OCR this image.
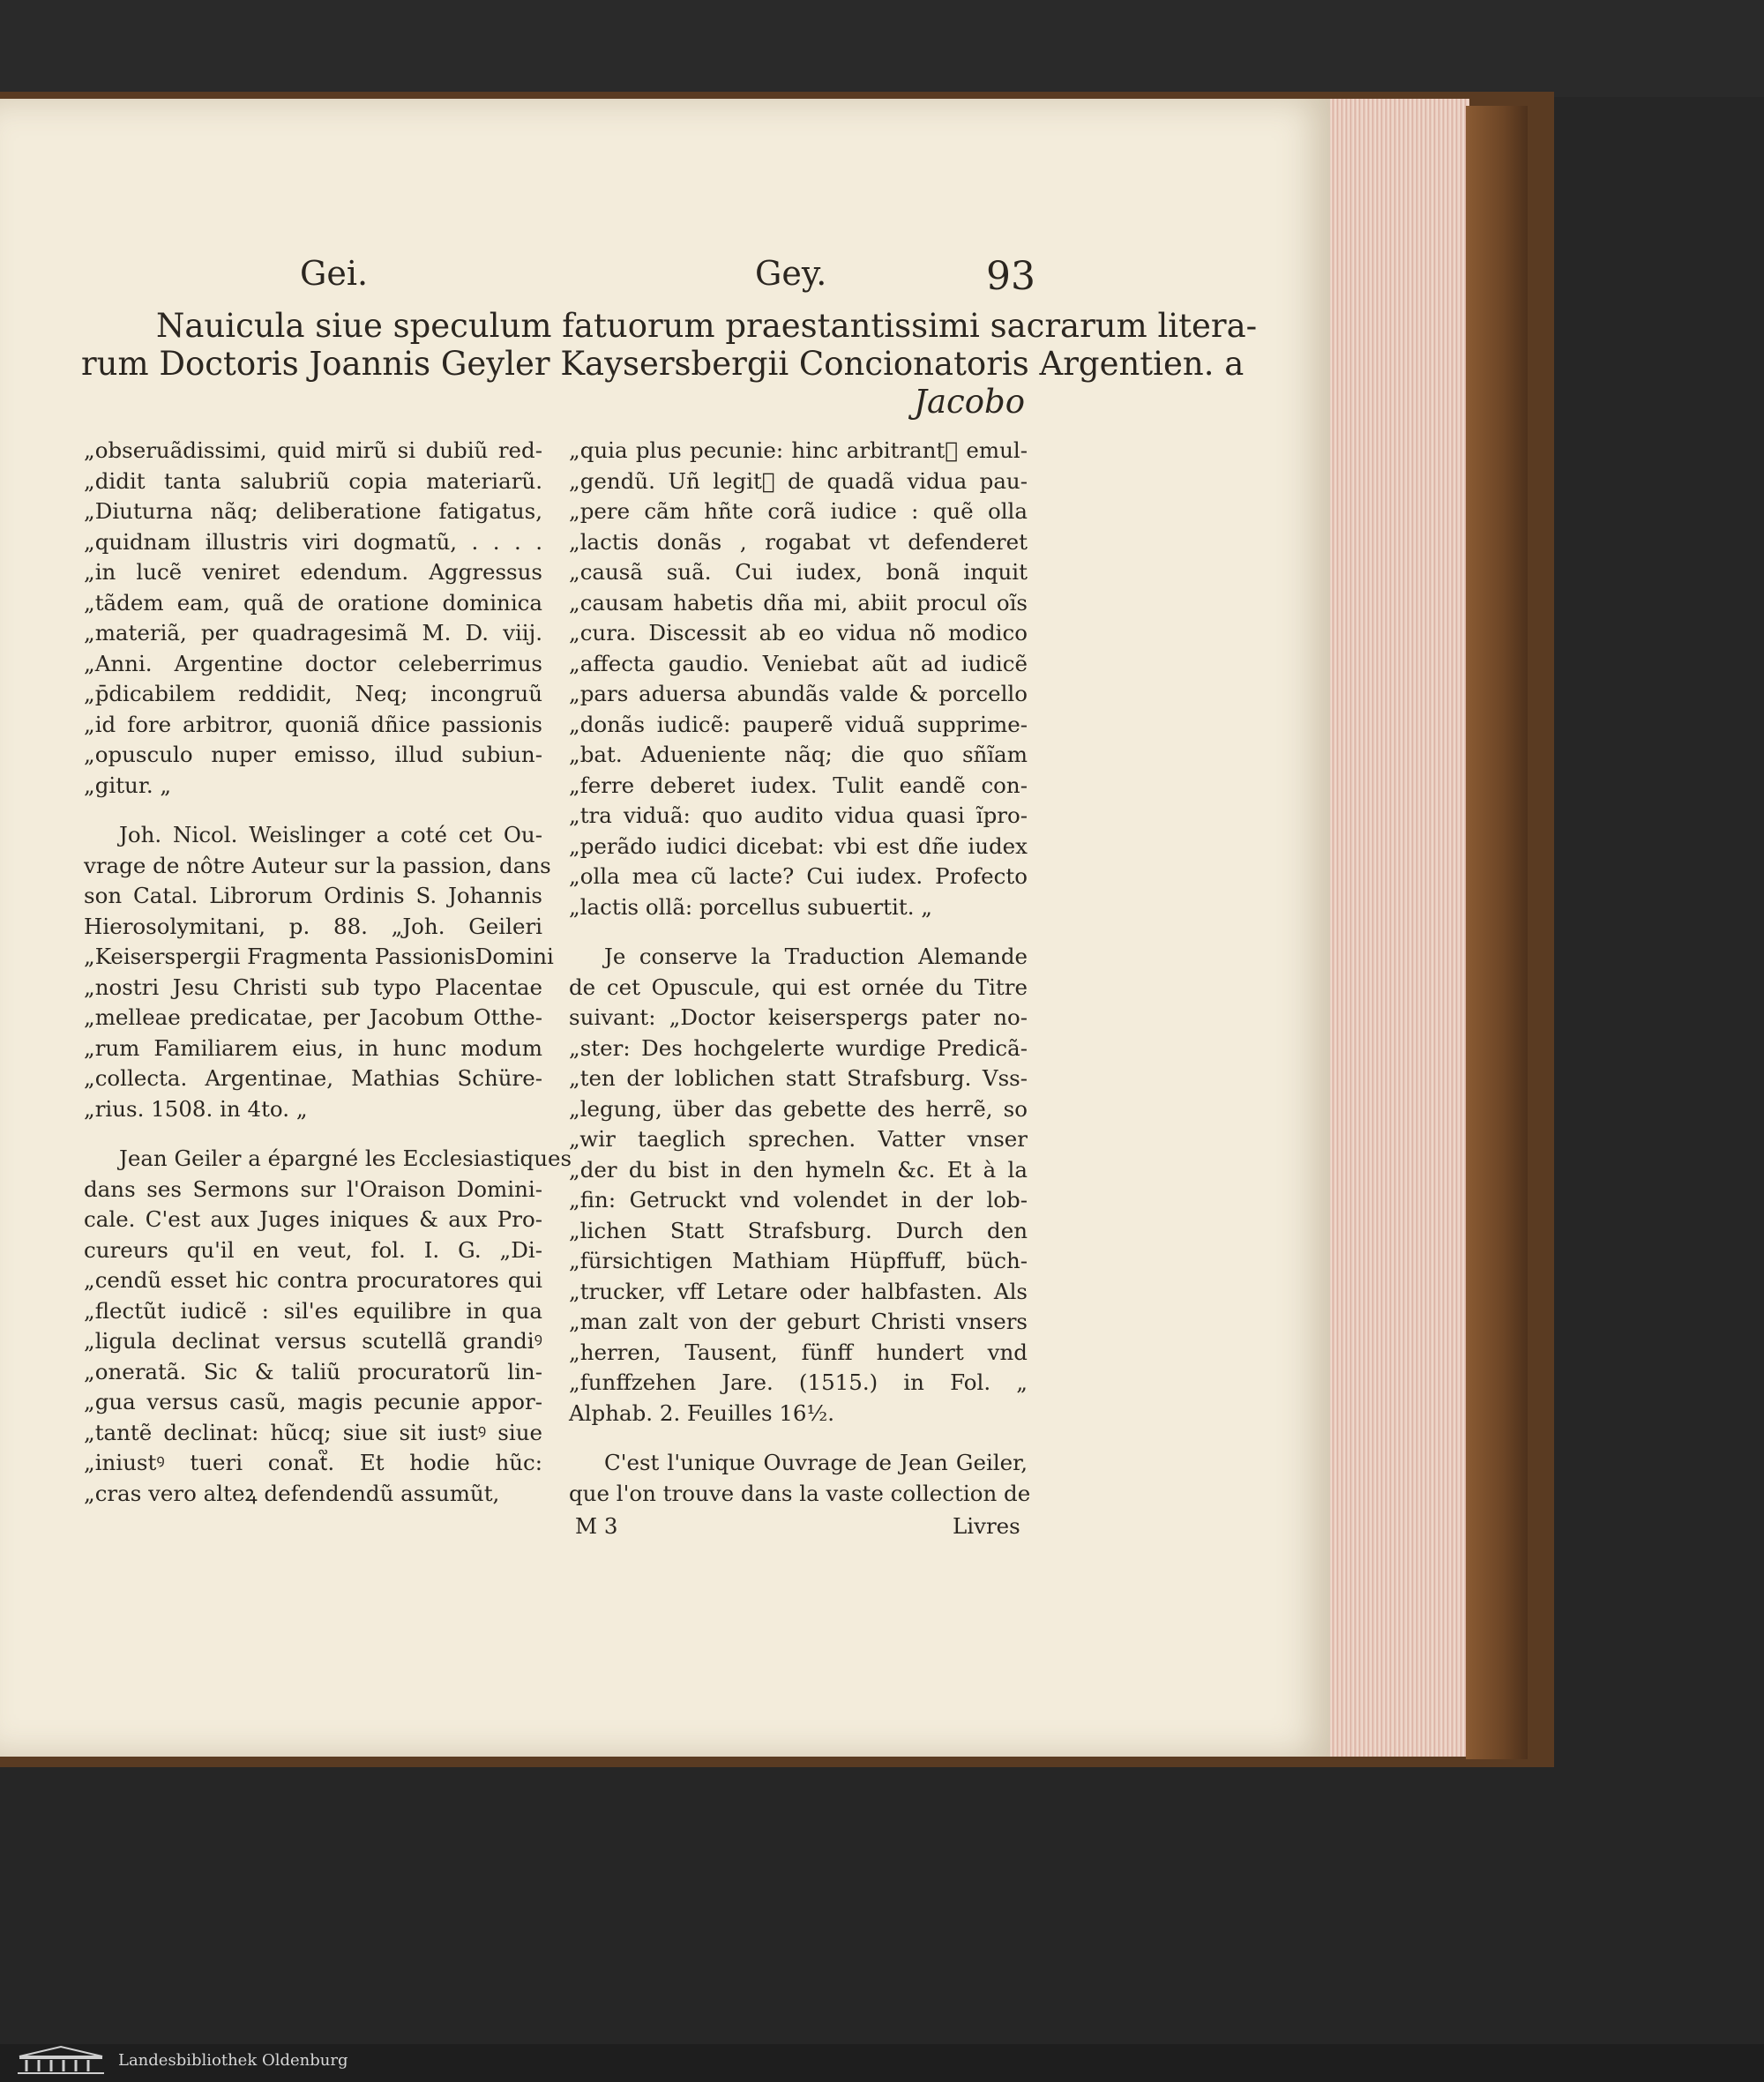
Gei.	Gey.	93
Nauicula siue speculum fatuorum praestantissimi sacrarum litera-
rum Doctoris Joannis Geyler Kaysersbergii Concionatoris Argentien. a
Jacobo
„obseruãdissimi, quid mirũ si dubiũ red-
„didit tanta salubriũ copia materiarũ.
„Diuturna nãq; deliberatione fatigatus,
„quidnam illustris viri dogmatũ, . . . .
„in lucẽ veniret edendum. Aggressus
„tãdem eam, quã de oratione dominica
„materiã, per quadragesimã M. D. viij.
„Anni. Argentine doctor celeberrimus
„p̄dicabilem reddidit, Neq; incongruũ
„id fore arbitror, quoniã dñice passionis
„opusculo nuper emisso, illud subiun-
„gitur. „
Joh. Nicol. Weislinger a coté cet Ou-
vrage de nôtre Auteur sur la passion, dans
son Catal. Librorum Ordinis S. Johannis
Hierosolymitani, p. 88. „Joh. Geileri
„Keiserspergii Fragmenta PassionisDomini
„nostri Jesu Christi sub typo Placentae
„melleae predicatae, per Jacobum Otthe-
„rum Familiarem eius, in hunc modum
„collecta. Argentinae, Mathias Schüre-
„rius. 1508. in 4to. „
Jean Geiler a épargné les Ecclesiastiques
dans ses Sermons sur l'Oraison Domini-
cale. C'est aux Juges iniques & aux Pro-
cureurs qu'il en veut, fol. I. G. „Di-
„cendũ esset hic contra procuratores qui
„flectũt iudicẽ : sil'es equilibre in qua
„ligula declinat versus scutellã grandiꝰ
„oneratã. Sic & taliũ procuratorũ lin-
„gua versus casũ, magis pecunie appor-
„tantẽ declinat: hũcq; siue sit iustꝰ siue
„iniustꝰ tueri conat᷑. Et hodie hũc:
„cras vero alteꝝ defendendũ assumũt,
„quia plus pecunie: hinc arbitrant᷑ emul-
„gendũ. Uñ legit᷑ de quadã vidua pau-
„pere cãm hñte corã iudice : quẽ olla
„lactis donãs , rogabat vt defenderet
„causã suã. Cui iudex, bonã inquit
„causam habetis dña mi, abiit procul oĩs
„cura. Discessit ab eo vidua nõ modico
„affecta gaudio. Veniebat aũt ad iudicẽ
„pars aduersa abundãs valde & porcello
„donãs iudicẽ: pauperẽ viduã supprime-
„bat. Adueniente nãq; die quo sñĩam
„ferre deberet iudex. Tulit eandẽ con-
„tra viduã: quo audito vidua quasi ĩpro-
„perãdo iudici dicebat: vbi est dñe iudex
„olla mea cũ lacte? Cui iudex. Profecto
„lactis ollã: porcellus subuertit. „
Je conserve la Traduction Alemande
de cet Opuscule, qui est ornée du Titre
suivant: „Doctor keiserspergs pater no-
„ster: Des hochgelerte wurdige Predicã-
„ten der loblichen statt Strafsburg. Vss-
„legung, über das gebette des herrẽ, so
„wir taeglich sprechen. Vatter vnser
„der du bist in den hymeln &c. Et à la
„fin: Getruckt vnd volendet in der lob-
„lichen Statt Strafsburg. Durch den
„fürsichtigen Mathiam Hüpffuff, büch-
„trucker, vff Letare oder halbfasten. Als
„man zalt von der geburt Christi vnsers
„herren, Tausent, fünff hundert vnd
„funffzehen Jare. (1515.) in Fol. „
Alphab. 2. Feuilles 16½.
C'est l'unique Ouvrage de Jean Geiler,
que l'on trouve dans la vaste collection de
M 3	Livres
Landesbibliothek Oldenburg
